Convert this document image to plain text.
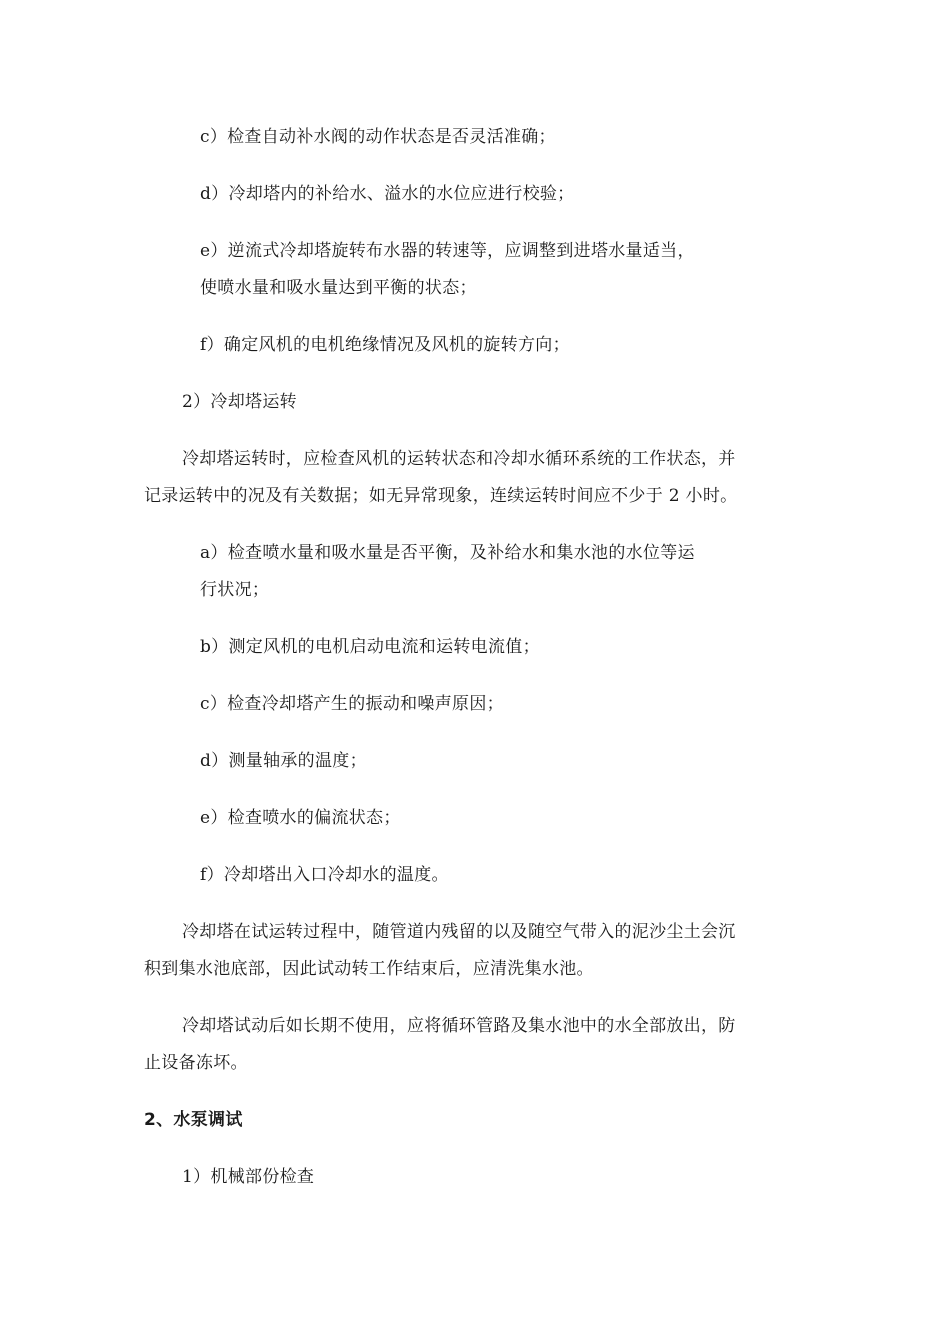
c）检查自动补水阀的动作状态是否灵活准确；
d）冷却塔内的补给水、溢水的水位应进行校验；
e）逆流式冷却塔旋转布水器的转速等，应调整到进塔水量适当，
使喷水量和吸水量达到平衡的状态；
f）确定风机的电机绝缘情况及风机的旋转方向；
2）冷却塔运转
冷却塔运转时，应检查风机的运转状态和冷却水循环系统的工作状态，并
记录运转中的况及有关数据；如无异常现象，连续运转时间应不少于 2 小时。
a）检查喷水量和吸水量是否平衡，及补给水和集水池的水位等运
行状况；
b）测定风机的电机启动电流和运转电流值；
c）检查冷却塔产生的振动和噪声原因；
d）测量轴承的温度；
e）检查喷水的偏流状态；
f）冷却塔出入口冷却水的温度。
冷却塔在试运转过程中，随管道内残留的以及随空气带入的泥沙尘土会沉
积到集水池底部，因此试动转工作结束后，应清洗集水池。
冷却塔试动后如长期不使用，应将循环管路及集水池中的水全部放出，防
止设备冻坏。
2、水泵调试
1）机械部份检查
